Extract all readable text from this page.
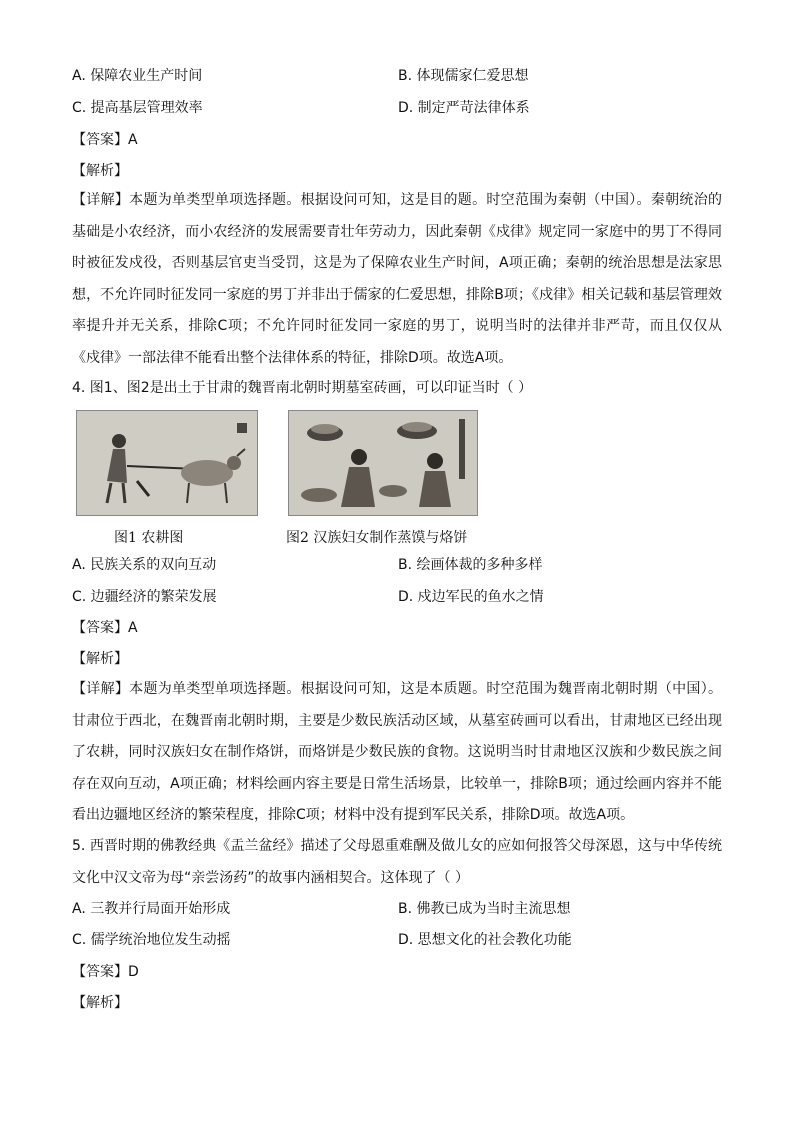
A. 保障农业生产时间	B. 体现儒家仁爱思想
C. 提高基层管理效率	D. 制定严苛法律体系
【答案】A
【解析】
【详解】本题为单类型单项选择题。根据设问可知，这是目的题。时空范围为秦朝（中国）。秦朝统治的基础是小农经济，而小农经济的发展需要青壮年劳动力，因此秦朝《戍律》规定同一家庭中的男丁不得同时被征发戍役，否则基层官吏当受罚，这是为了保障农业生产时间，A项正确；秦朝的统治思想是法家思想，不允许同时征发同一家庭的男丁并非出于儒家的仁爱思想，排除B项；《戍律》相关记载和基层管理效率提升并无关系，排除C项；不允许同时征发同一家庭的男丁，说明当时的法律并非严苛，而且仅仅从《戍律》一部法律不能看出整个法律体系的特征，排除D项。故选A项。
4. 图1、图2是出土于甘肃的魏晋南北朝时期墓室砖画，可以印证当时（ ）
图1 农耕图	图2 汉族妇女制作蒸馍与烙饼
A. 民族关系的双向互动	B. 绘画体裁的多种多样
C. 边疆经济的繁荣发展	D. 戍边军民的鱼水之情
【答案】A
【解析】
【详解】本题为单类型单项选择题。根据设问可知，这是本质题。时空范围为魏晋南北朝时期（中国）。甘肃位于西北，在魏晋南北朝时期，主要是少数民族活动区域，从墓室砖画可以看出，甘肃地区已经出现了农耕，同时汉族妇女在制作烙饼，而烙饼是少数民族的食物。这说明当时甘肃地区汉族和少数民族之间存在双向互动，A项正确；材料绘画内容主要是日常生活场景，比较单一，排除B项；通过绘画内容并不能看出边疆地区经济的繁荣程度，排除C项；材料中没有提到军民关系，排除D项。故选A项。
5. 西晋时期的佛教经典《盂兰盆经》描述了父母恩重难酬及做儿女的应如何报答父母深恩，这与中华传统文化中汉文帝为母“亲尝汤药”的故事内涵相契合。这体现了（ ）
A. 三教并行局面开始形成	B. 佛教已成为当时主流思想
C. 儒学统治地位发生动摇	D. 思想文化的社会教化功能
【答案】D
【解析】
